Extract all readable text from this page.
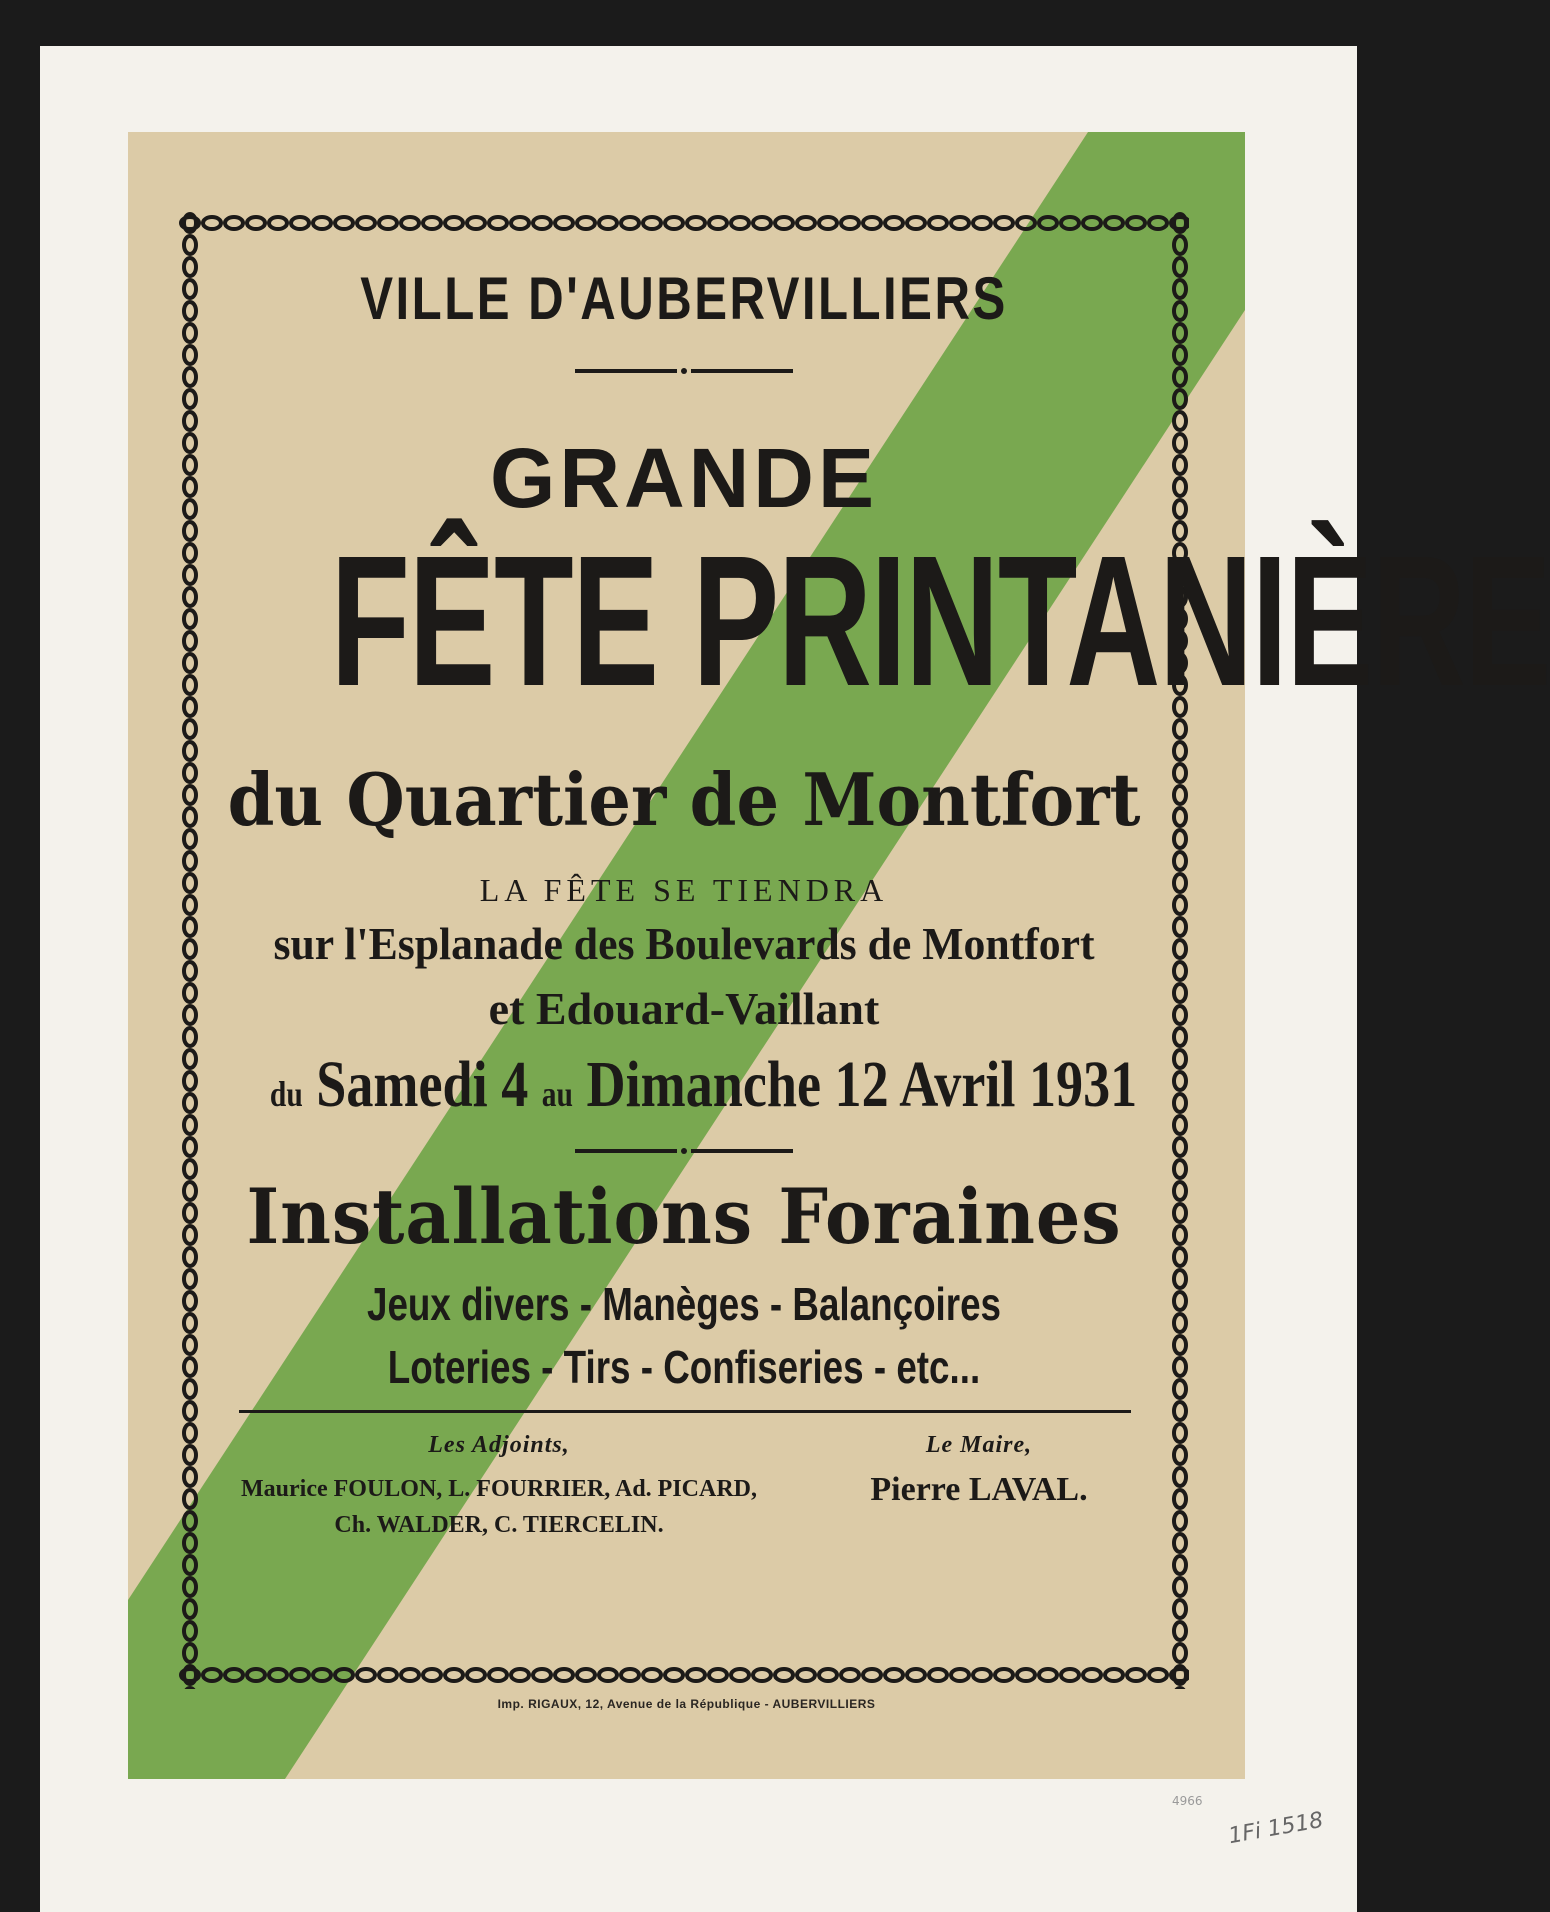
VILLE D'AUBERVILLIERS
GRANDE
FÊTE PRINTANIÈRE
du Quartier de Montfort
LA FÊTE SE TIENDRA
sur l'Esplanade des Boulevards de Montfort
et Edouard-Vaillant
du Samedi 4 au Dimanche 12 Avril 1931
Installations Foraines
Jeux divers - Manèges - Balançoires
Loteries - Tirs - Confiseries - etc...
Les Adjoints,
Maurice FOULON, L. FOURRIER, Ad. PICARD,
Ch. WALDER, C. TIERCELIN.
Le Maire,
Pierre LAVAL.
Imp. RIGAUX, 12, Avenue de la République - AUBERVILLIERS
4966
1Fi 1518
